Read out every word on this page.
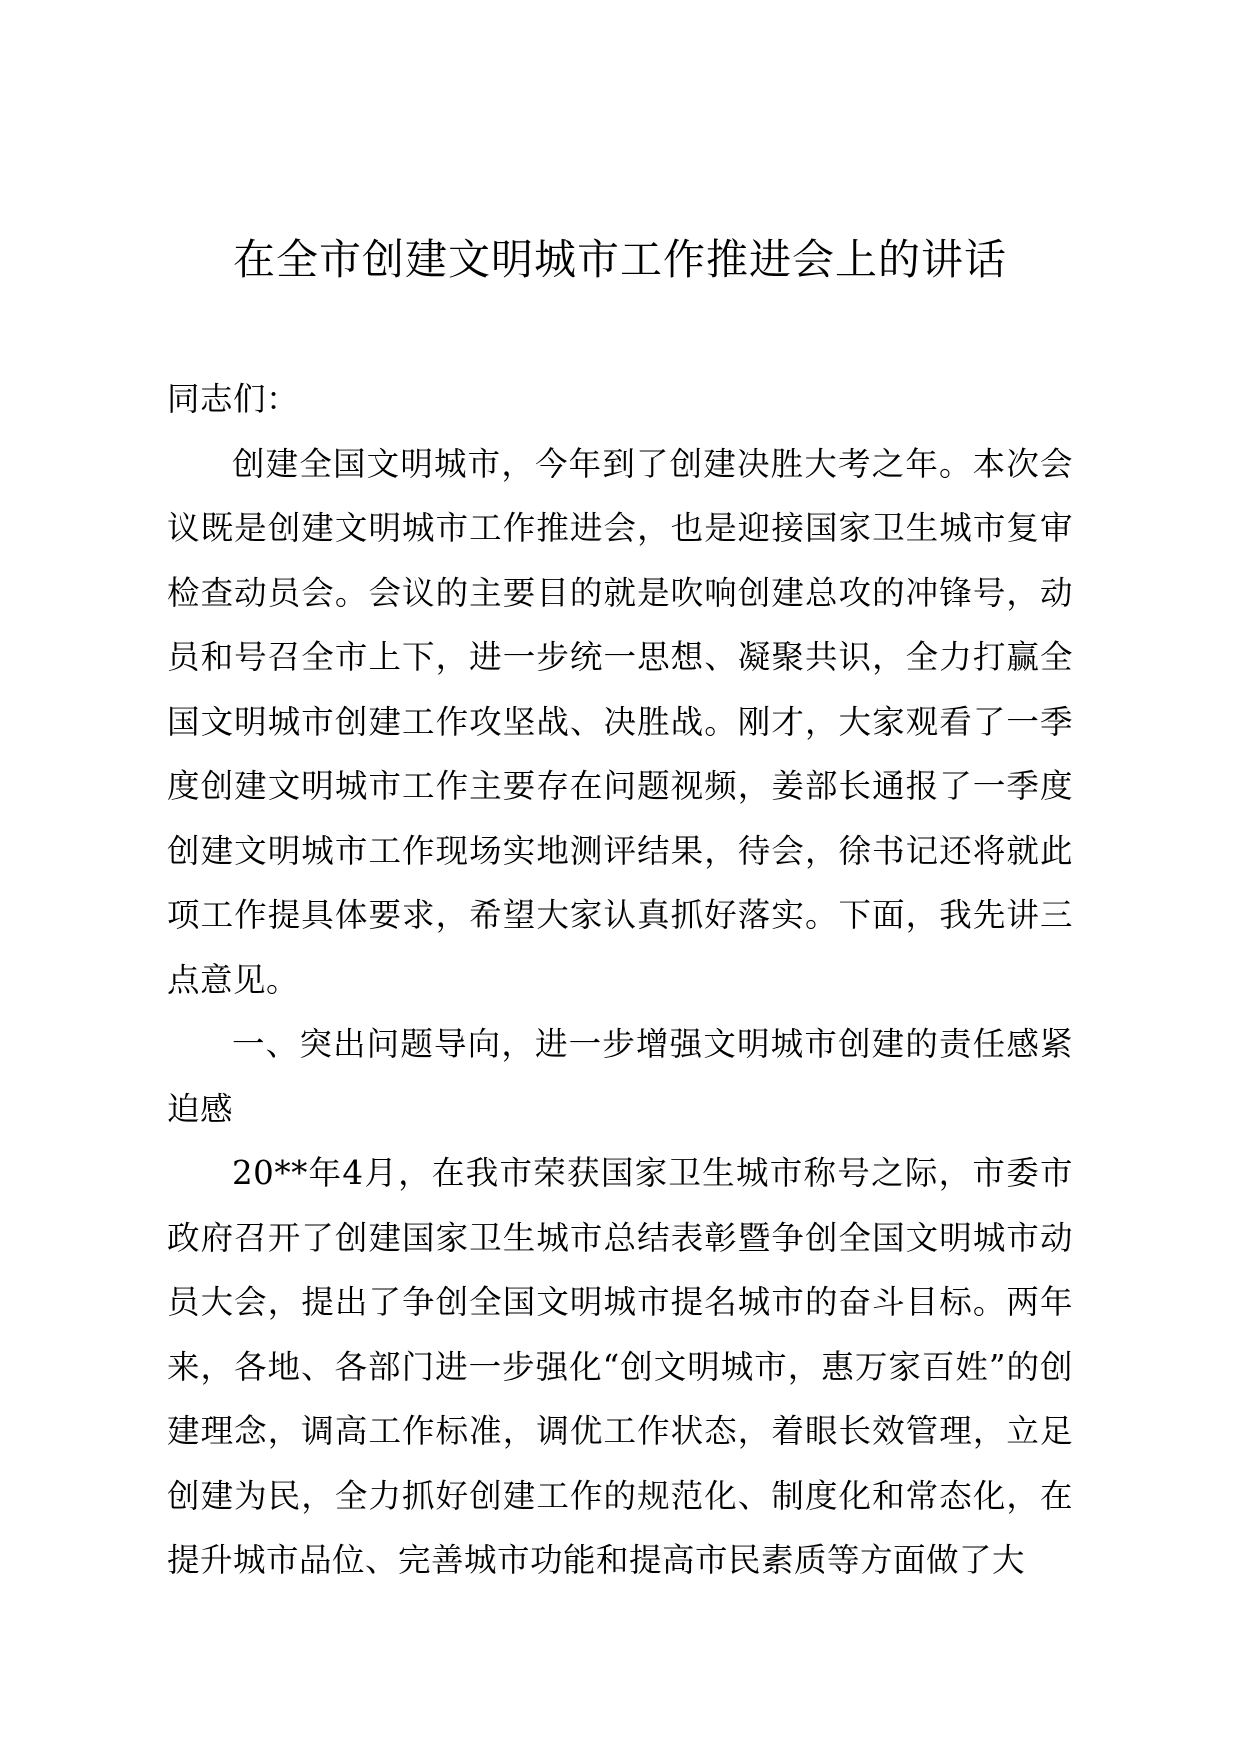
在全市创建文明城市工作推进会上的讲话

同志们：

创建全国文明城市，今年到了创建决胜大考之年。本次会议既是创建文明城市工作推进会，也是迎接国家卫生城市复审检查动员会。会议的主要目的就是吹响创建总攻的冲锋号，动员和号召全市上下，进一步统一思想、凝聚共识，全力打赢全国文明城市创建工作攻坚战、决胜战。刚才，大家观看了一季度创建文明城市工作主要存在问题视频，姜部长通报了一季度创建文明城市工作现场实地测评结果，待会，徐书记还将就此项工作提具体要求，希望大家认真抓好落实。下面，我先讲三点意见。

一、突出问题导向，进一步增强文明城市创建的责任感紧迫感

20**年4月，在我市荣获国家卫生城市称号之际，市委市政府召开了创建国家卫生城市总结表彰暨争创全国文明城市动员大会，提出了争创全国文明城市提名城市的奋斗目标。两年来，各地、各部门进一步强化“创文明城市，惠万家百姓”的创建理念，调高工作标准，调优工作状态，着眼长效管理，立足创建为民，全力抓好创建工作的规范化、制度化和常态化，在提升城市品位、完善城市功能和提高市民素质等方面做了大
